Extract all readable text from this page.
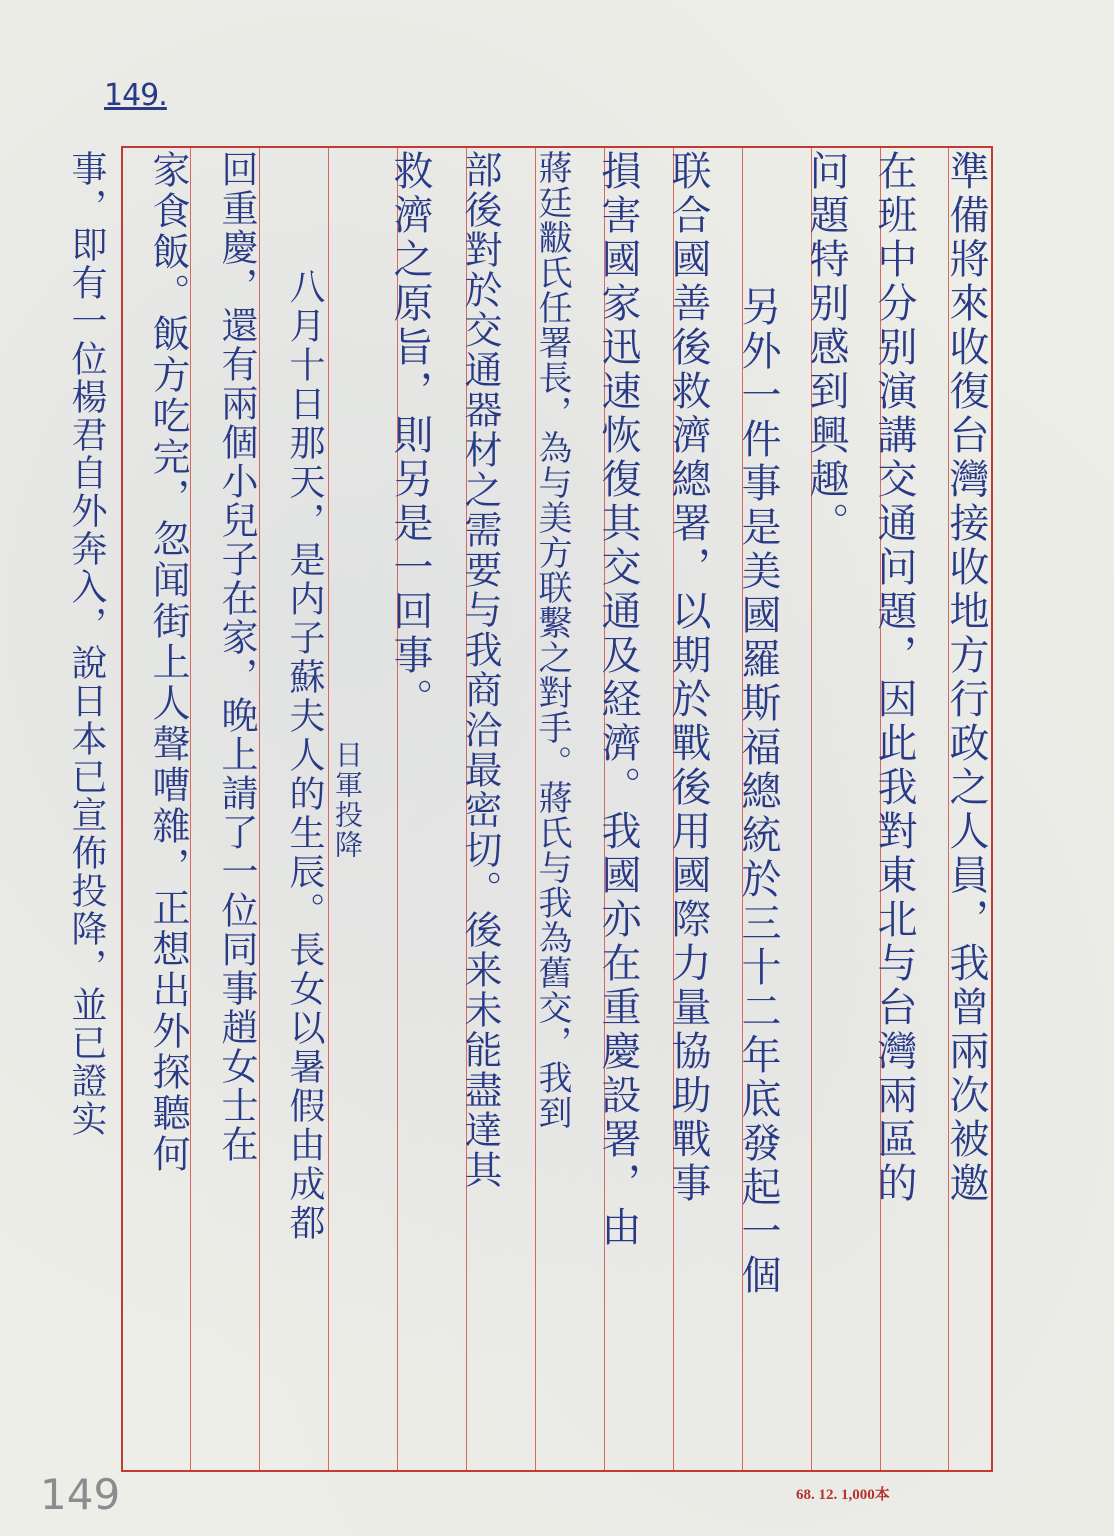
149.
準備將來收復台灣接收地方行政之人員，我曾兩次被邀
在班中分别演講交通问題，因此我對東北与台灣兩區的
问題特别感到興趣。
另外一件事是美國羅斯福總統於三十二年底發起一個
联合國善後救濟總署，以期於戰後用國際力量協助戰事
損害國家迅速恢復其交通及経濟。我國亦在重慶設署，由
蔣廷黻氏任署長，為与美方联繫之對手。蔣氏与我為舊交，我到
部後對於交通器材之需要与我商洽最密切。後来未能盡達其
救濟之原旨，則另是一回事。
八月十日那天，是内子蘇夫人的生辰。長女以暑假由成都
回重慶，還有兩個小兒子在家，晚上請了一位同事趙女士在
家食飯。飯方吃完，忽闻街上人聲嘈雜，正想出外探聽何
事，即有一位楊君自外奔入，說日本已宣佈投降，並已證实	日軍投降
68. 12. 1,000本
149
